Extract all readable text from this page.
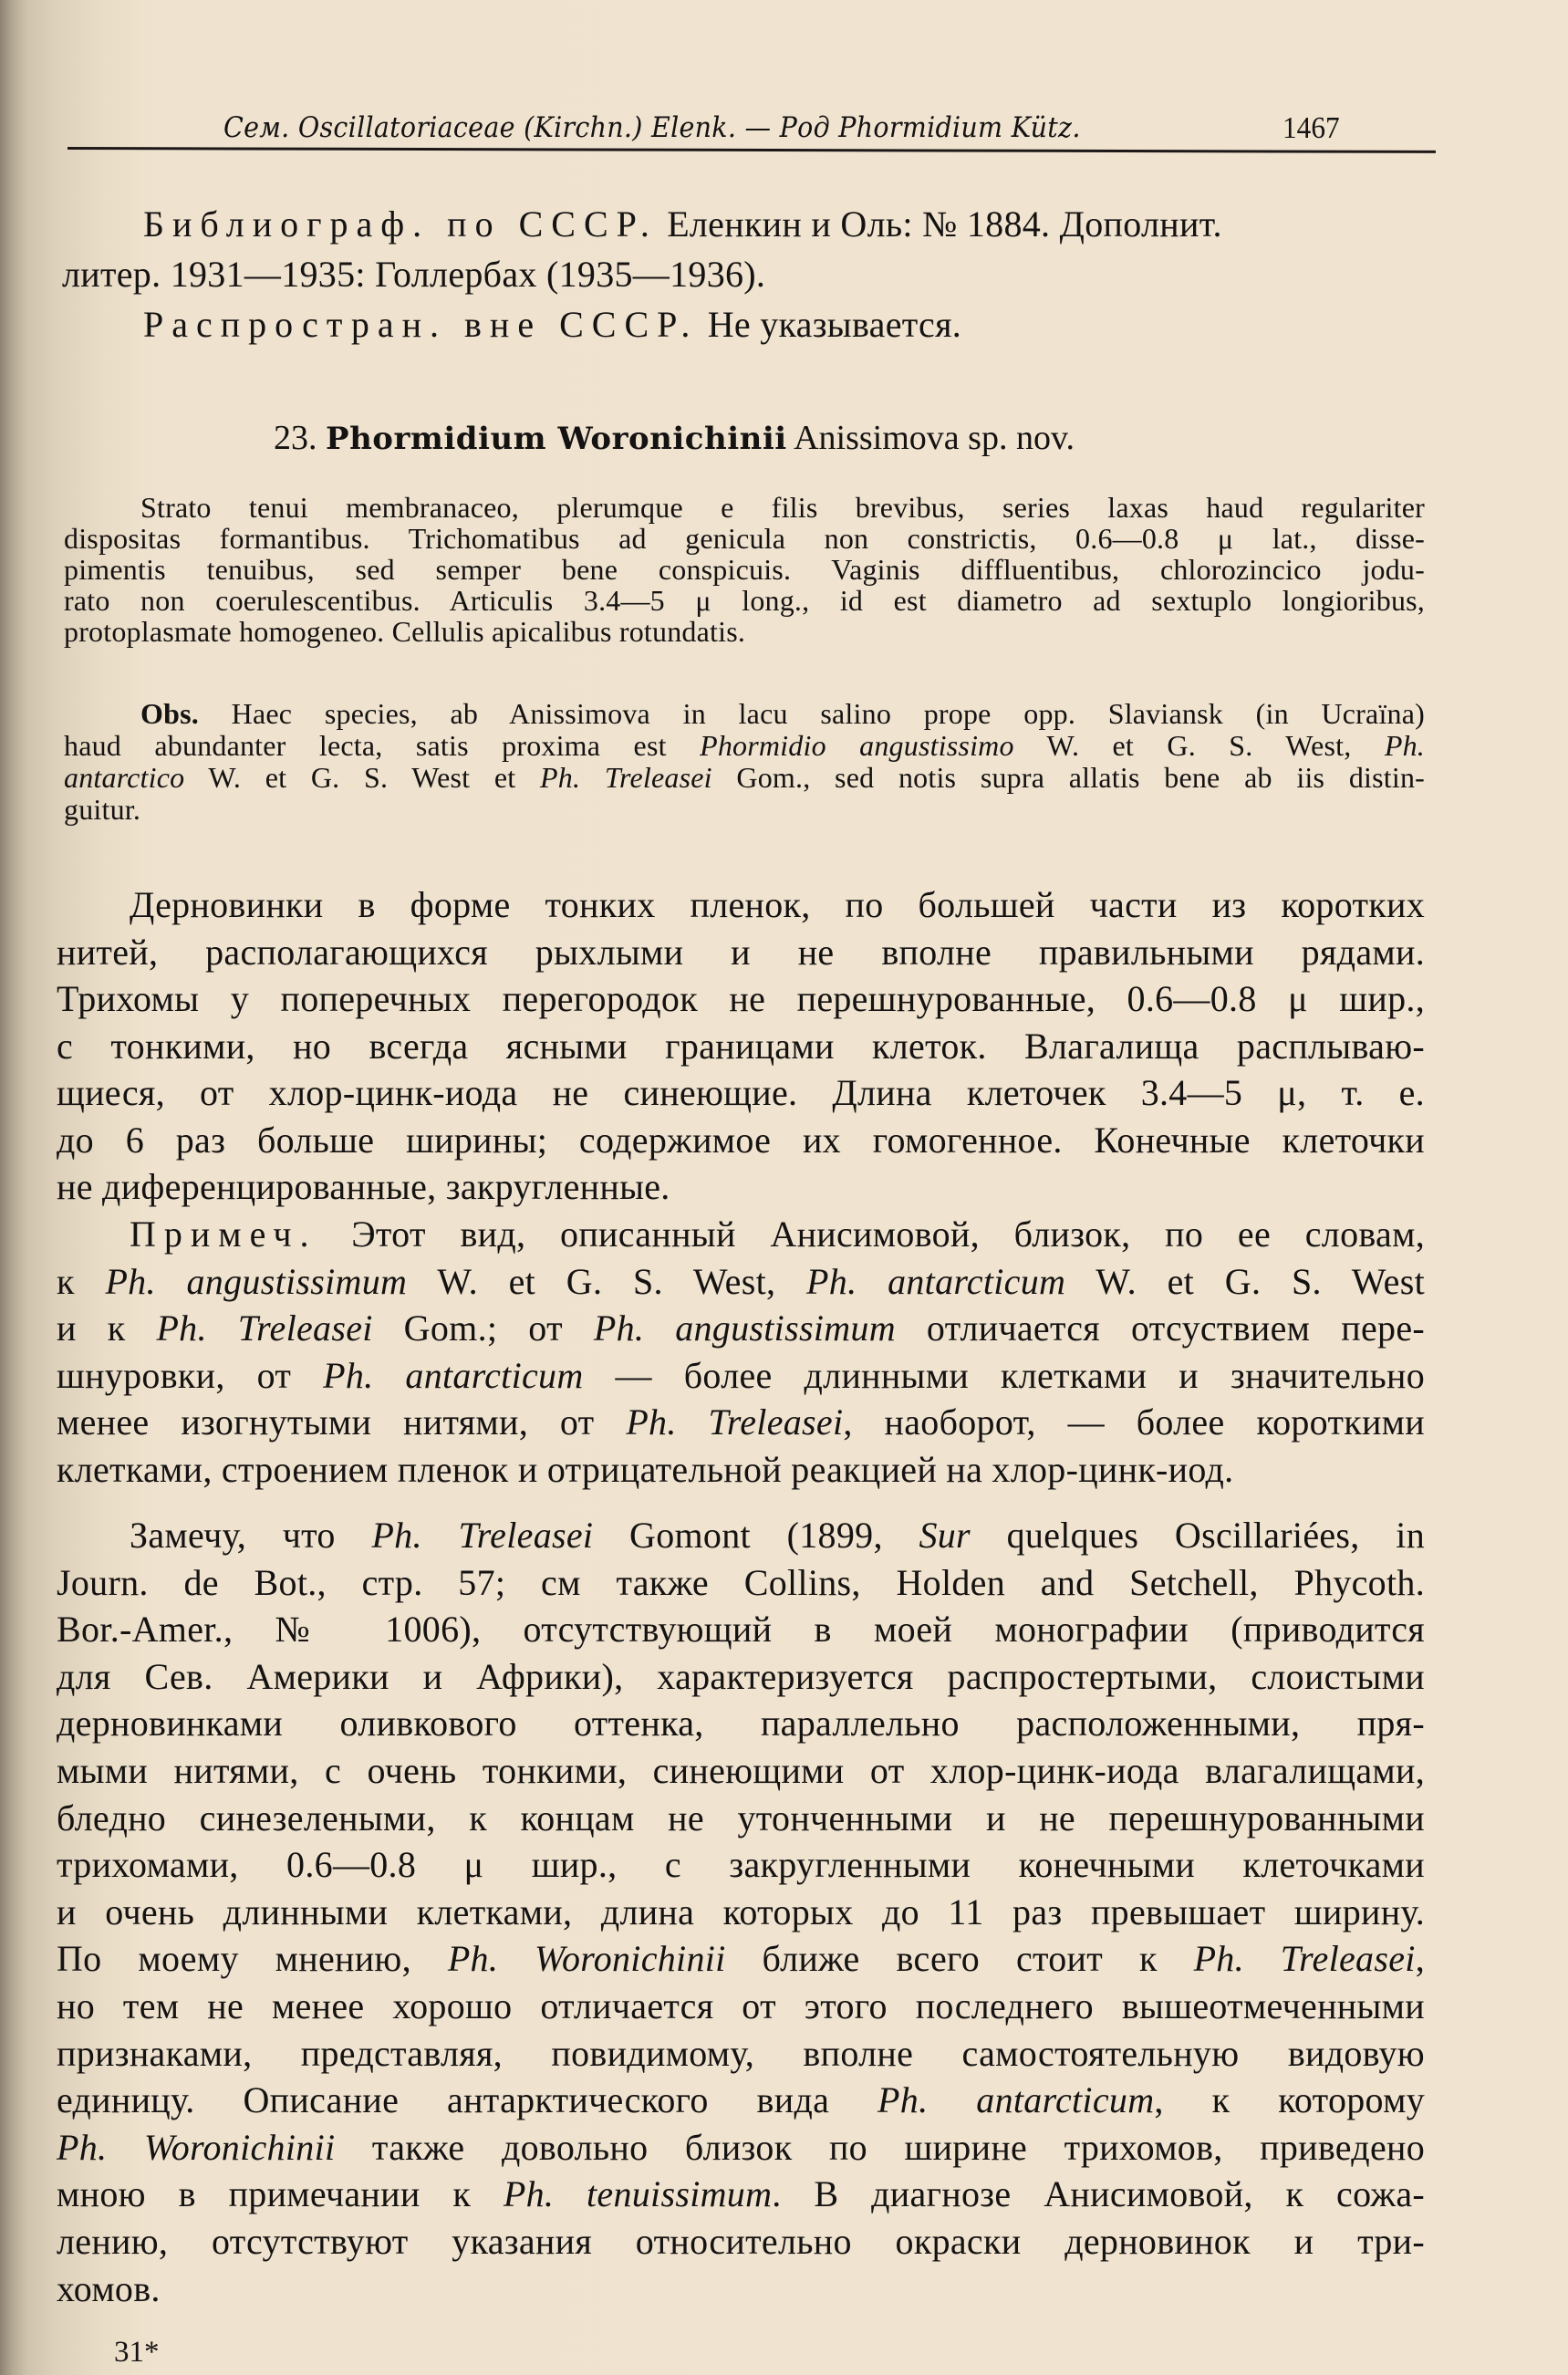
Сем. Oscillatoriaceae (Kirchn.) Elenk. — Род Phormidium Kütz.	1467
Библиограф. по СССР. Еленкин и Оль: № 1884. Дополнит.
литер. 1931—1935: Голлербах (1935—1936).
Распростран. вне СССР. Не указывается.
23. Phormidium Woronichinii Anissimova sp. nov.
Strato tenui membranaceo, plerumque e filis brevibus, series laxas haud regulariter
dispositas formantibus. Trichomatibus ad genicula non constrictis, 0.6—0.8 μ lat., disse-
pimentis tenuibus, sed semper bene conspicuis. Vaginis diffluentibus, chlorozincico jodu-
rato non coerulescentibus. Articulis 3.4—5 μ long., id est diametro ad sextuplo longioribus,
protoplasmate homogeneo. Cellulis apicalibus rotundatis.
Obs. Haec species, ab Anissimova in lacu salino prope opp. Slaviansk (in Ucraïna)
haud abundanter lecta, satis proxima est Phormidio angustissimo W. et G. S. West, Ph.
antarctico W. et G. S. West et Ph. Treleasei Gom., sed notis supra allatis bene ab iis distin-
guitur.
Дерновинки в форме тонких пленок, по большей части из коротких
нитей, располагающихся рыхлыми и не вполне правильными рядами.
Трихомы у поперечных перегородок не перешнурованные, 0.6—0.8 μ шир.,
с тонкими, но всегда ясными границами клеток. Влагалища расплываю-
щиеся, от хлор-цинк-иода не синеющие. Длина клеточек 3.4—5 μ, т. е.
до 6 раз больше ширины; содержимое их гомогенное. Конечные клеточки
не диференцированные, закругленные.
Примеч. Этот вид, описанный Анисимовой, близок, по ее словам,
к Ph. angustissimum W. et G. S. West, Ph. antarcticum W. et G. S. West
и к Ph. Treleasei Gom.; от Ph. angustissimum отличается отсуствием пере-
шнуровки, от Ph. antarcticum — более длинными клетками и значительно
менее изогнутыми нитями, от Ph. Treleasei, наоборот, — более короткими
клетками, строением пленок и отрицательной реакцией на хлор-цинк-иод.
Замечу, что Ph. Treleasei Gomont (1899, Sur quelques Oscillariées, in
Journ. de Bot., стр. 57; см также Collins, Holden and Setchell, Phycoth.
Bor.-Amer., № 1006), отсутствующий в моей монографии (приводится
для Сев. Америки и Африки), характеризуется распростертыми, слоистыми
дерновинками оливкового оттенка, параллельно расположенными, пря-
мыми нитями, с очень тонкими, синеющими от хлор-цинк-иода влагалищами,
бледно синезелеными, к концам не утонченными и не перешнурованными
трихомами, 0.6—0.8 μ шир., с закругленными конечными клеточками
и очень длинными клетками, длина которых до 11 раз превышает ширину.
По моему мнению, Ph. Woronichinii ближе всего стоит к Ph. Treleasei,
но тем не менее хорошо отличается от этого последнего вышеотмеченными
признаками, представляя, повидимому, вполне самостоятельную видовую
единицу. Описание антарктического вида Ph. antarcticum, к которому
Ph. Woronichinii также довольно близок по ширине трихомов, приведено
мною в примечании к Ph. tenuissimum. В диагнозе Анисимовой, к сожа-
лению, отсутствуют указания относительно окраски дерновинок и три-
хомов.
31*
